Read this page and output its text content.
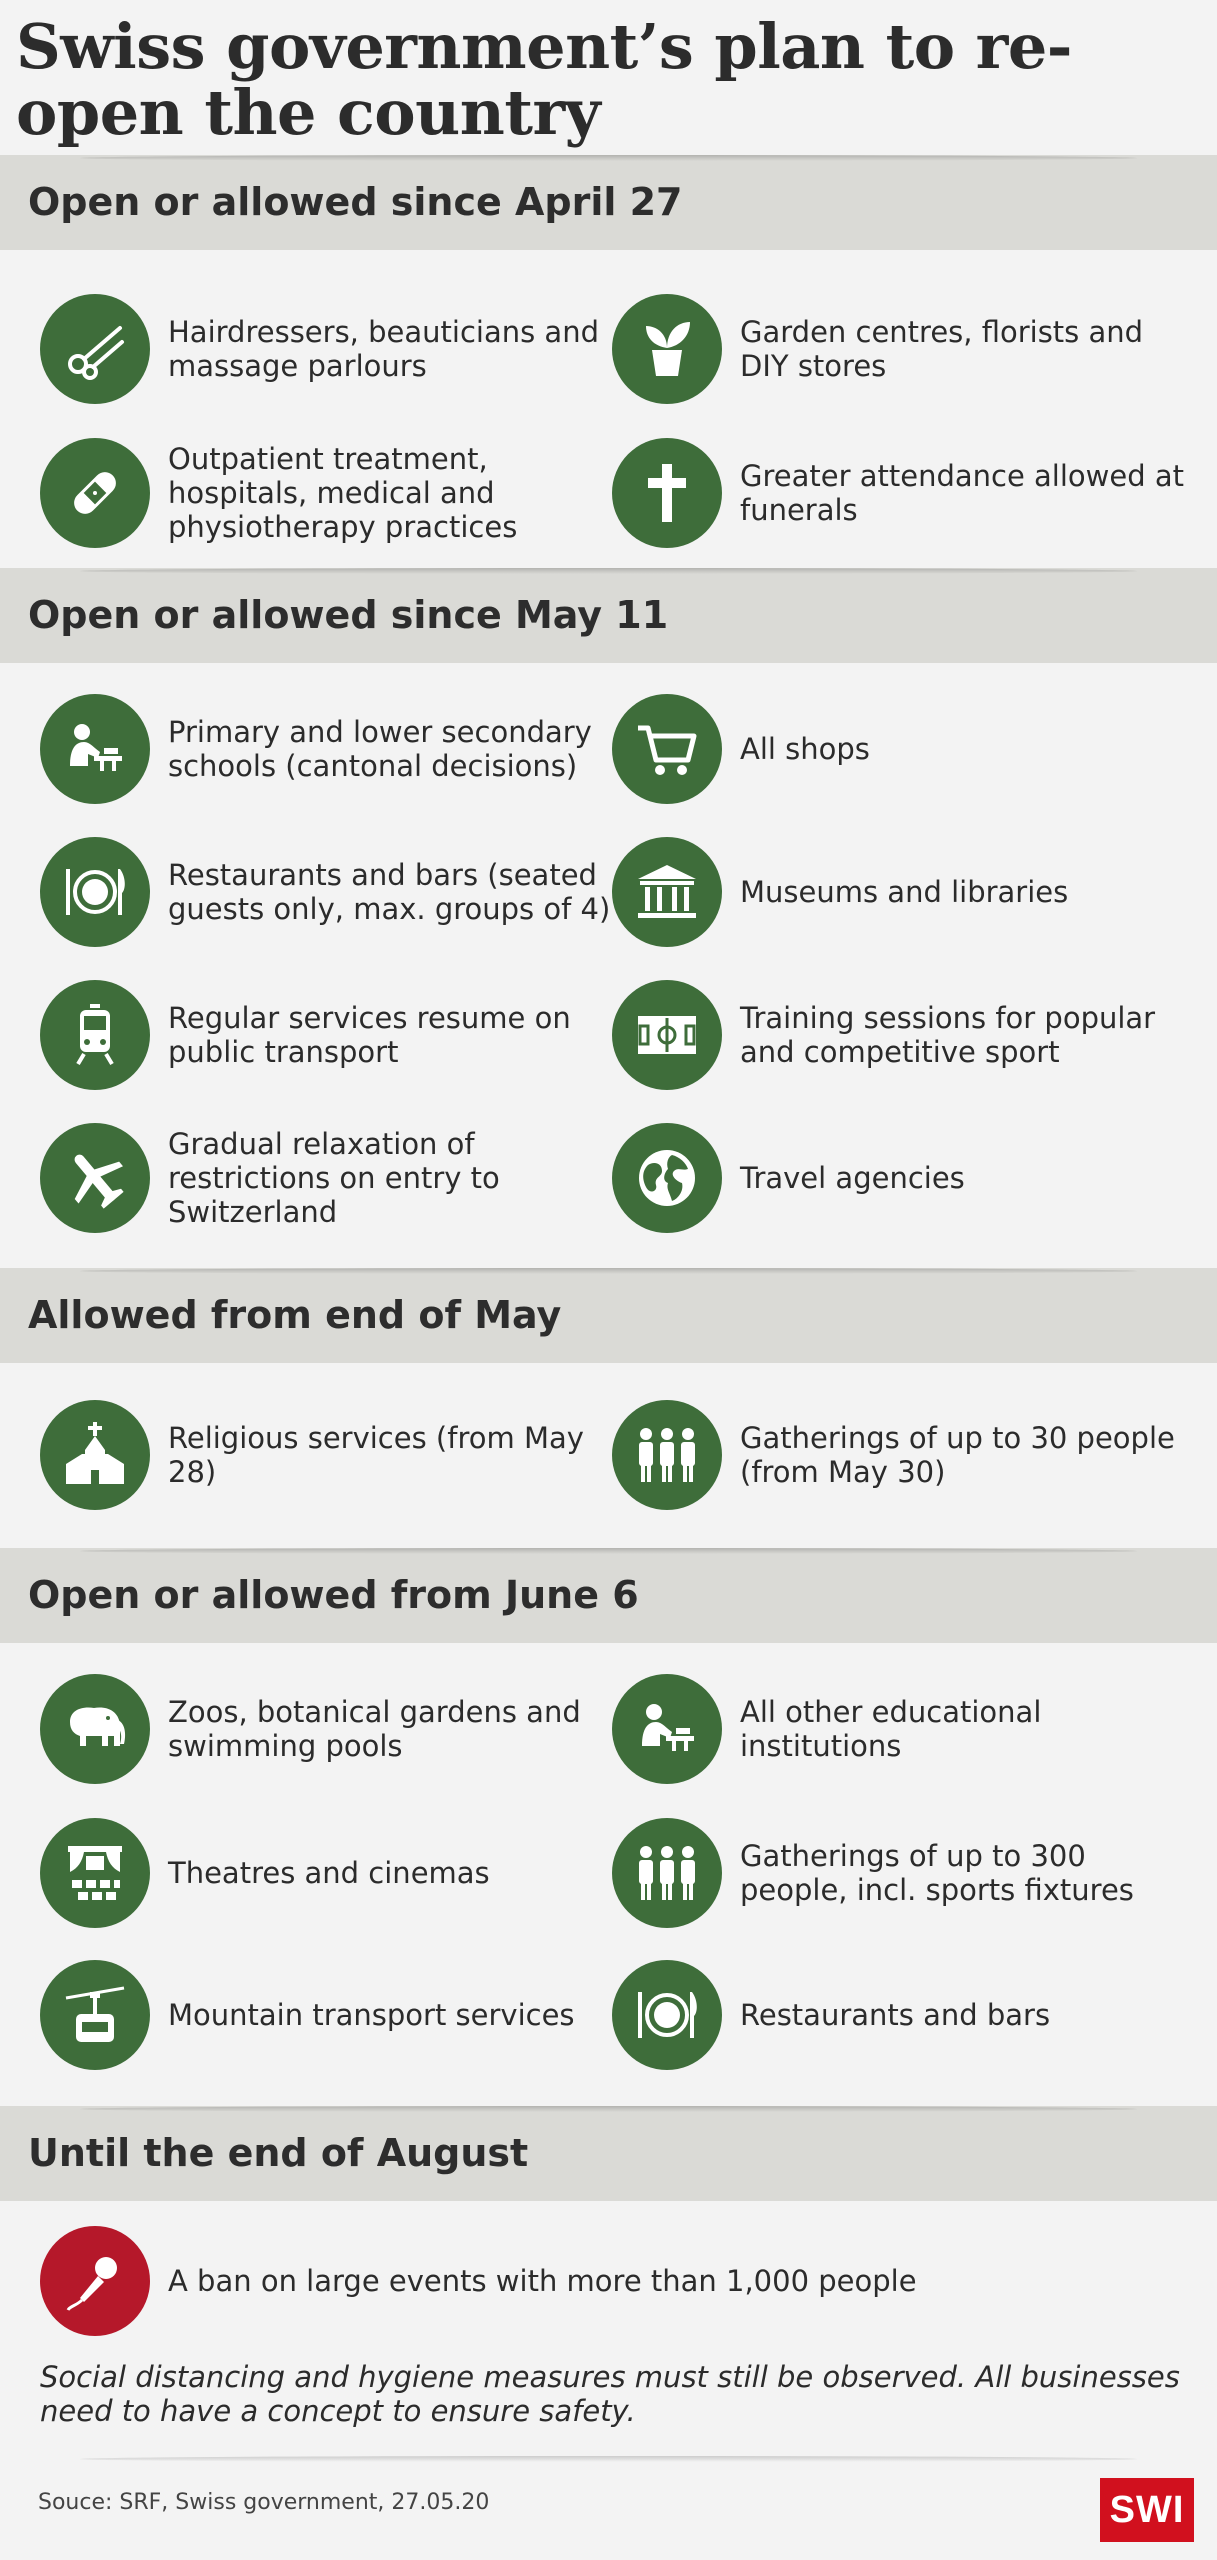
Swiss government’s plan to re-open the country
Open or allowed since April 27
Hairdressers, beauticians and massage parlours
Garden centres, florists and DIY stores
Outpatient treatment, hospitals, medical and physiotherapy practices
Greater attendance allowed at funerals
Open or allowed since May 11
Primary and lower secondary schools (cantonal decisions)	All shops
Restaurants and bars (seated guests only, max. groups of 4)	Museums and libraries
Regular services resume on public transport
Training sessions for popular and competitive sport
Gradual relaxation of restrictions on entry to Switzerland
Travel agencies
Allowed from end of May
Religious services (from May 28)
Gatherings of up to 30 people (from May 30)
Open or allowed from June 6
Zoos, botanical gardens and swimming pools
All other educational institutions
Theatres and cinemas	Gatherings of up to 300 people, incl. sports fixtures
Mountain transport services	Restaurants and bars
Until the end of August
A ban on large events with more than 1,000 people

Social distancing and hygiene measures must still be observed. All businesses need to have a concept to ensure safety.

Souce: SRF, Swiss government, 27.05.20	SWI
